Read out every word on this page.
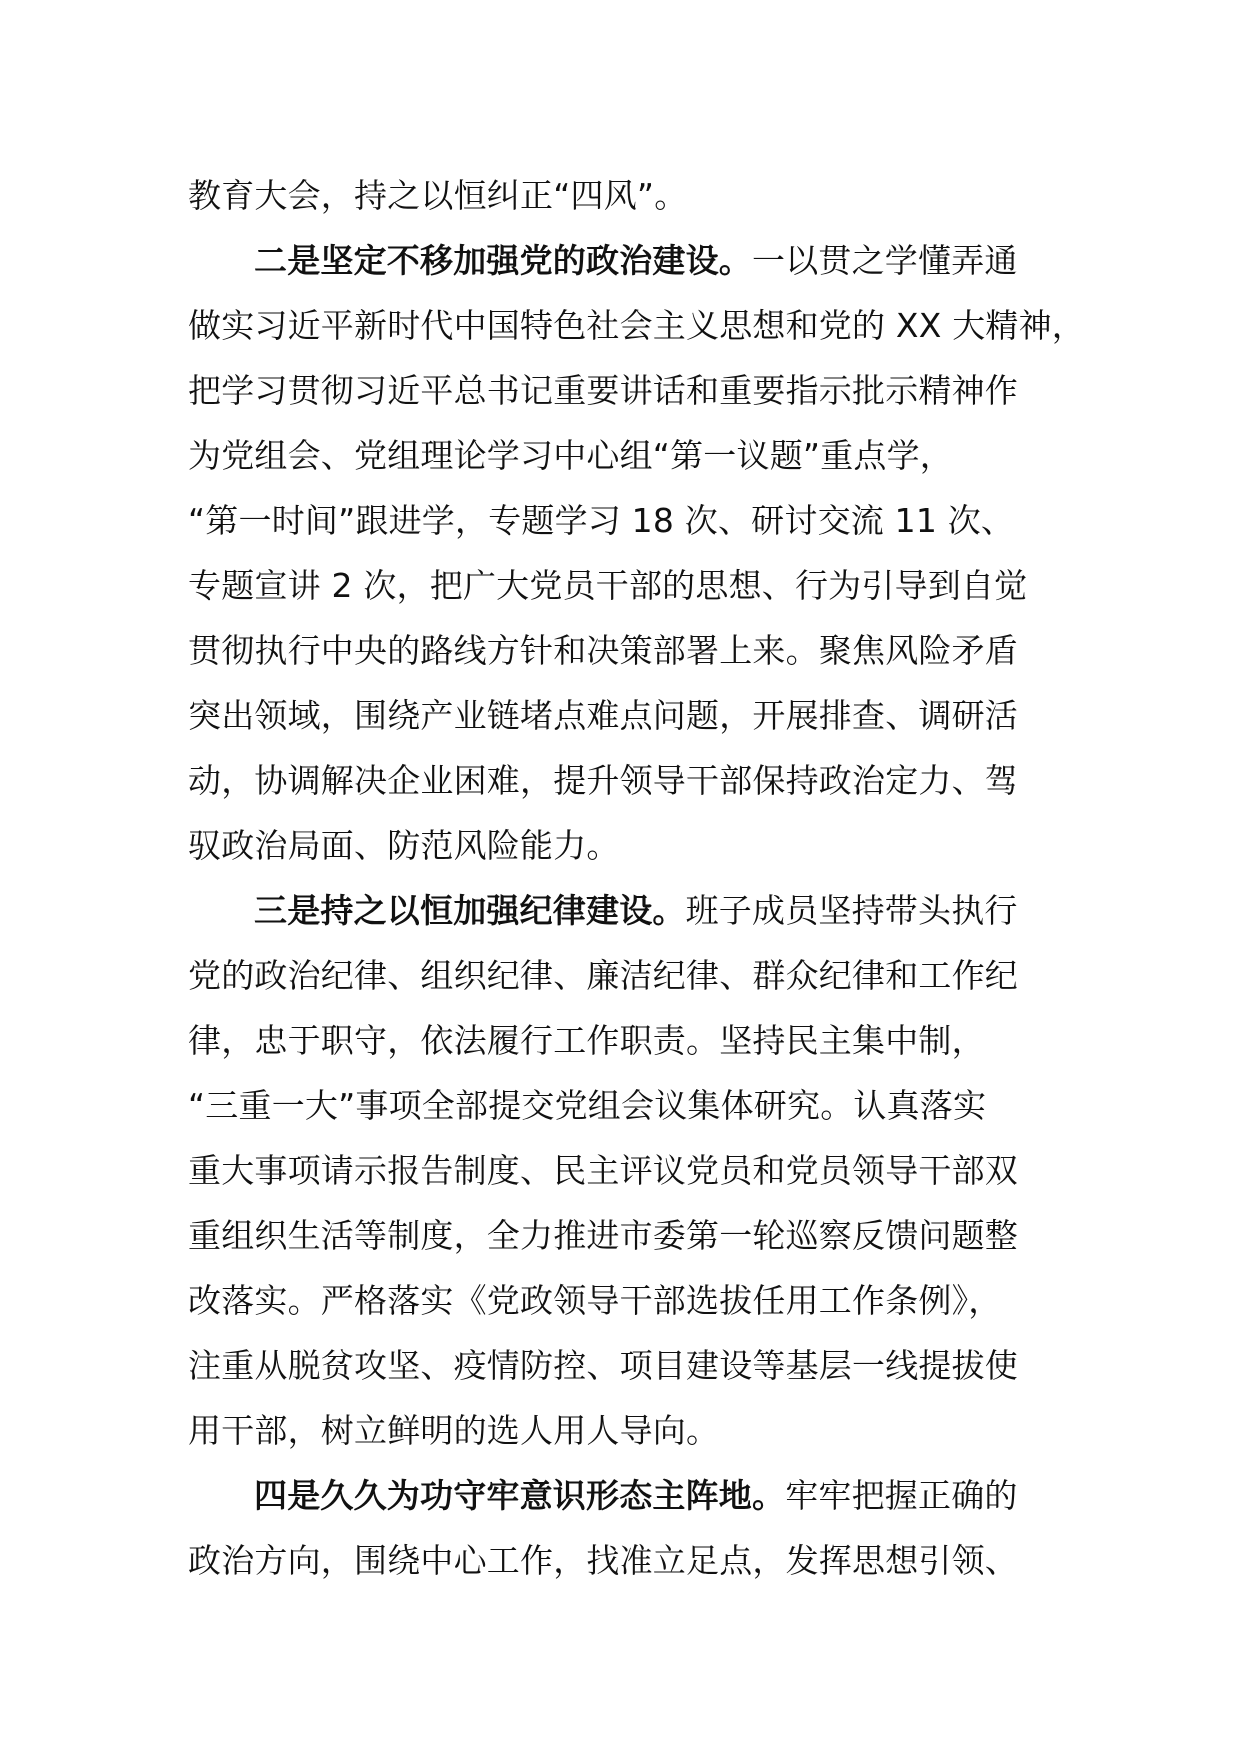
教育大会，持之以恒纠正“四风”。
二是坚定不移加强党的政治建设。一以贯之学懂弄通
做实习近平新时代中国特色社会主义思想和党的 XX 大精神，
把学习贯彻习近平总书记重要讲话和重要指示批示精神作
为党组会、党组理论学习中心组“第一议题”重点学，
“第一时间”跟进学，专题学习 18 次、研讨交流 11 次、
专题宣讲 2 次，把广大党员干部的思想、行为引导到自觉
贯彻执行中央的路线方针和决策部署上来。聚焦风险矛盾
突出领域，围绕产业链堵点难点问题，开展排查、调研活
动，协调解决企业困难，提升领导干部保持政治定力、驾
驭政治局面、防范风险能力。
三是持之以恒加强纪律建设。班子成员坚持带头执行
党的政治纪律、组织纪律、廉洁纪律、群众纪律和工作纪
律，忠于职守，依法履行工作职责。坚持民主集中制，
“三重一大”事项全部提交党组会议集体研究。认真落实
重大事项请示报告制度、民主评议党员和党员领导干部双
重组织生活等制度，全力推进市委第一轮巡察反馈问题整
改落实。严格落实《党政领导干部选拔任用工作条例》，
注重从脱贫攻坚、疫情防控、项目建设等基层一线提拔使
用干部，树立鲜明的选人用人导向。
四是久久为功守牢意识形态主阵地。牢牢把握正确的
政治方向，围绕中心工作，找准立足点，发挥思想引领、
